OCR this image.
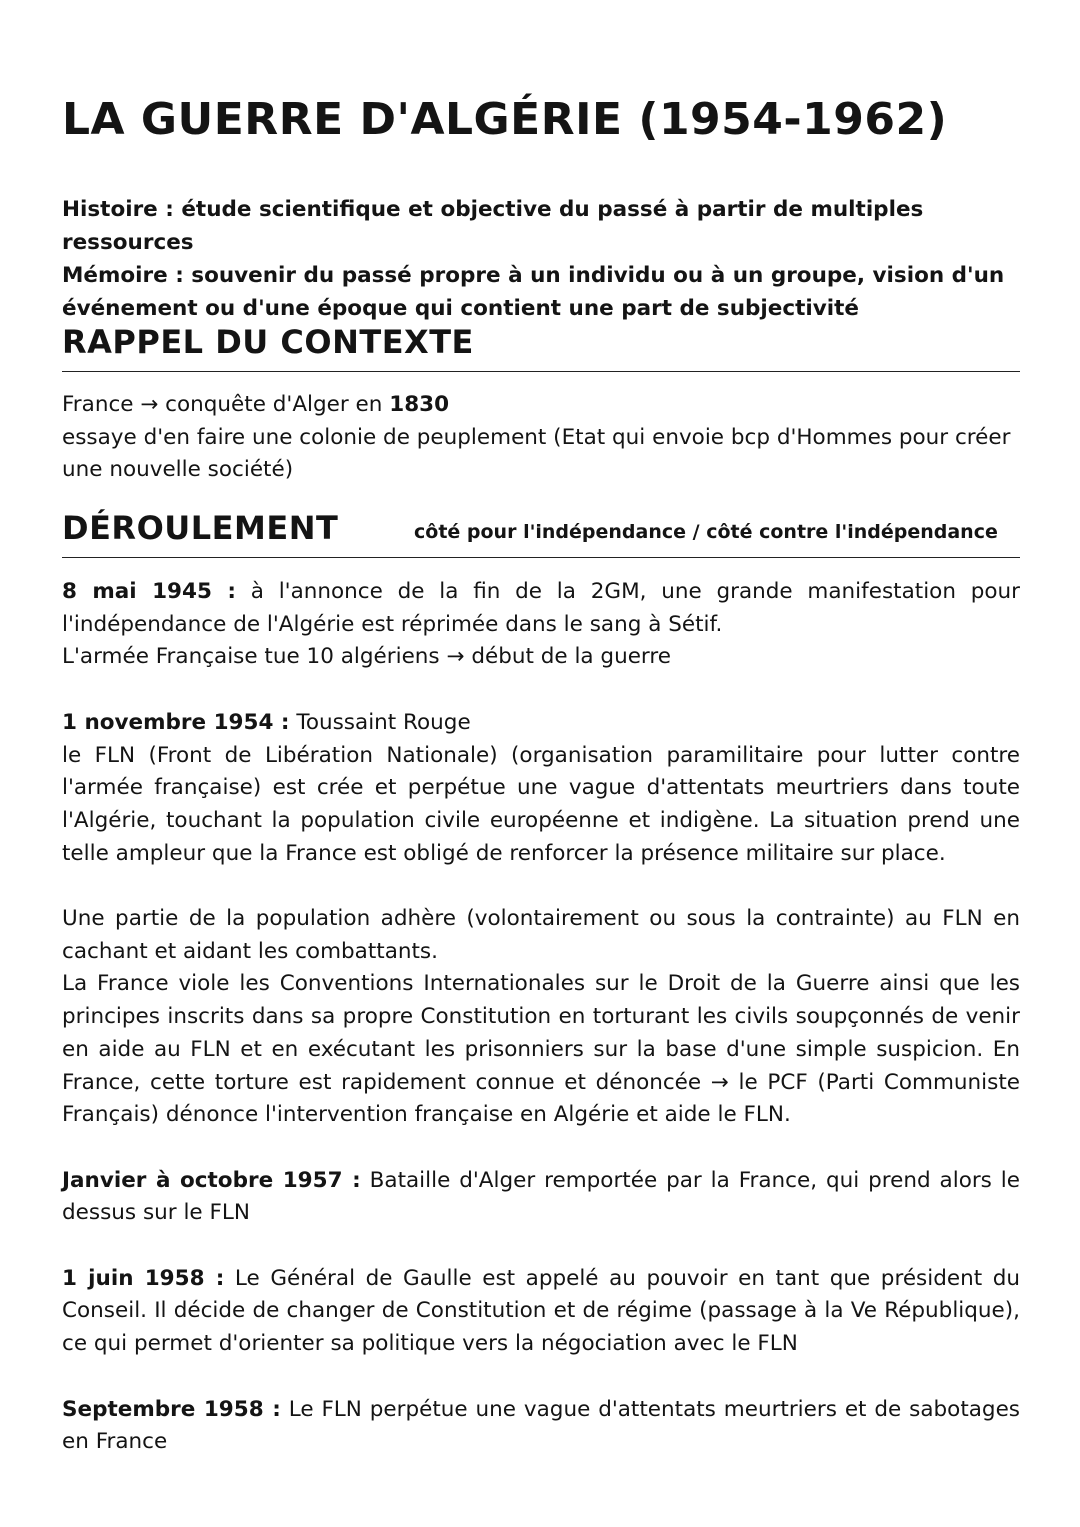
LA GUERRE D'ALGÉRIE (1954-1962)

Histoire : étude scientifique et objective du passé à partir de multiples ressources

Mémoire : souvenir du passé propre à un individu ou à un groupe, vision d'un événement ou d'une époque qui contient une part de subjectivité

RAPPEL DU CONTEXTE

France → conquête d'Alger en 1830

essaye d'en faire une colonie de peuplement (Etat qui envoie bcp d'Hommes pour créer une nouvelle société)

DÉROULEMENT	côté pour l'indépendance / côté contre l'indépendance

8 mai 1945 : à l'annonce de la fin de la 2GM, une grande manifestation pour l'indépendance de l'Algérie est réprimée dans le sang à Sétif.

L'armée Française tue 10 algériens → début de la guerre

1 novembre 1954 : Toussaint Rouge

le FLN (Front de Libération Nationale) (organisation paramilitaire pour lutter contre l'armée française) est crée et perpétue une vague d'attentats meurtriers dans toute l'Algérie, touchant la population civile européenne et indigène. La situation prend une telle ampleur que la France est obligé de renforcer la présence militaire sur place.

Une partie de la population adhère (volontairement ou sous la contrainte) au FLN en cachant et aidant les combattants.

La France viole les Conventions Internationales sur le Droit de la Guerre ainsi que les principes inscrits dans sa propre Constitution en torturant les civils soupçonnés de venir en aide au FLN et en exécutant les prisonniers sur la base d'une simple suspicion. En France, cette torture est rapidement connue et dénoncée → le PCF (Parti Communiste Français) dénonce l'intervention française en Algérie et aide le FLN.

Janvier à octobre 1957 : Bataille d'Alger remportée par la France, qui prend alors le dessus sur le FLN

1 juin 1958 : Le Général de Gaulle est appelé au pouvoir en tant que président du Conseil. Il décide de changer de Constitution et de régime (passage à la Ve République), ce qui permet d'orienter sa politique vers la négociation avec le FLN

Septembre 1958 : Le FLN perpétue une vague d'attentats meurtriers et de sabotages en France
